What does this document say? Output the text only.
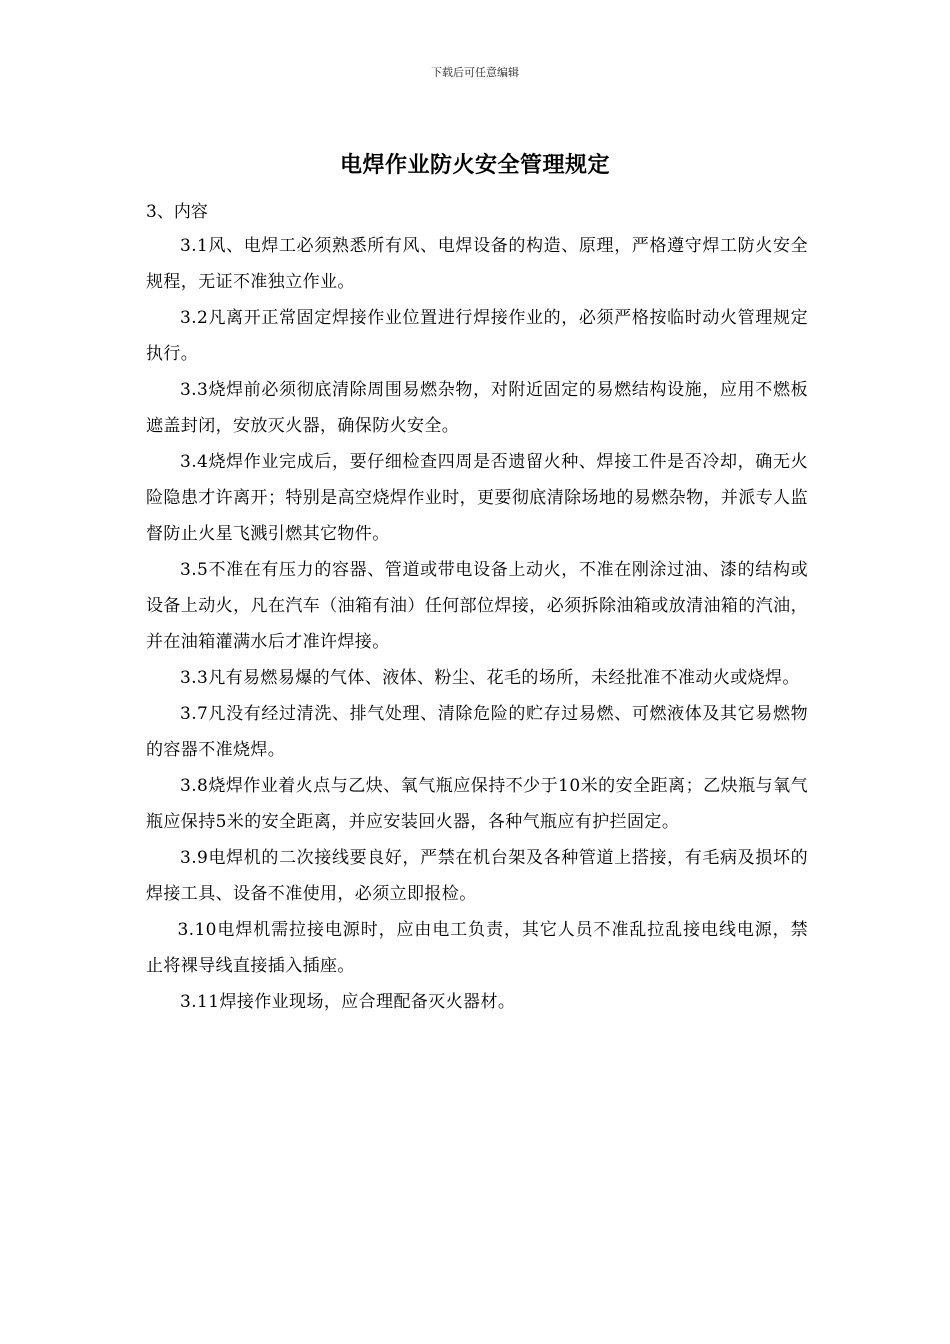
下载后可任意编辑
电焊作业防火安全管理规定
3、内容

3.1风、电焊工必须熟悉所有风、电焊设备的构造、原理，严格遵守焊工防火安全规程，无证不准独立作业。

3.2凡离开正常固定焊接作业位置进行焊接作业的，必须严格按临时动火管理规定执行。

3.3烧焊前必须彻底清除周围易燃杂物，对附近固定的易燃结构设施，应用不燃板遮盖封闭，安放灭火器，确保防火安全。

3.4烧焊作业完成后，要仔细检查四周是否遗留火种、焊接工件是否冷却，确无火险隐患才许离开；特别是高空烧焊作业时，更要彻底清除场地的易燃杂物，并派专人监督防止火星飞溅引燃其它物件。

3.5不准在有压力的容器、管道或带电设备上动火，不准在刚涂过油、漆的结构或设备上动火，凡在汽车（油箱有油）任何部位焊接，必须拆除油箱或放清油箱的汽油，并在油箱灌满水后才准许焊接。

3.3凡有易燃易爆的气体、液体、粉尘、花毛的场所，未经批准不准动火或烧焊。

3.7凡没有经过清洗、排气处理、清除危险的贮存过易燃、可燃液体及其它易燃物的容器不准烧焊。

3.8烧焊作业着火点与乙炔、氧气瓶应保持不少于10米的安全距离；乙炔瓶与氧气瓶应保持5米的安全距离，并应安装回火器，各种气瓶应有护拦固定。

3.9电焊机的二次接线要良好，严禁在机台架及各种管道上搭接，有毛病及损坏的焊接工具、设备不准使用，必须立即报检。

3.10电焊机需拉接电源时，应由电工负责，其它人员不准乱拉乱接电线电源，禁止将裸导线直接插入插座。

3.11焊接作业现场，应合理配备灭火器材。
